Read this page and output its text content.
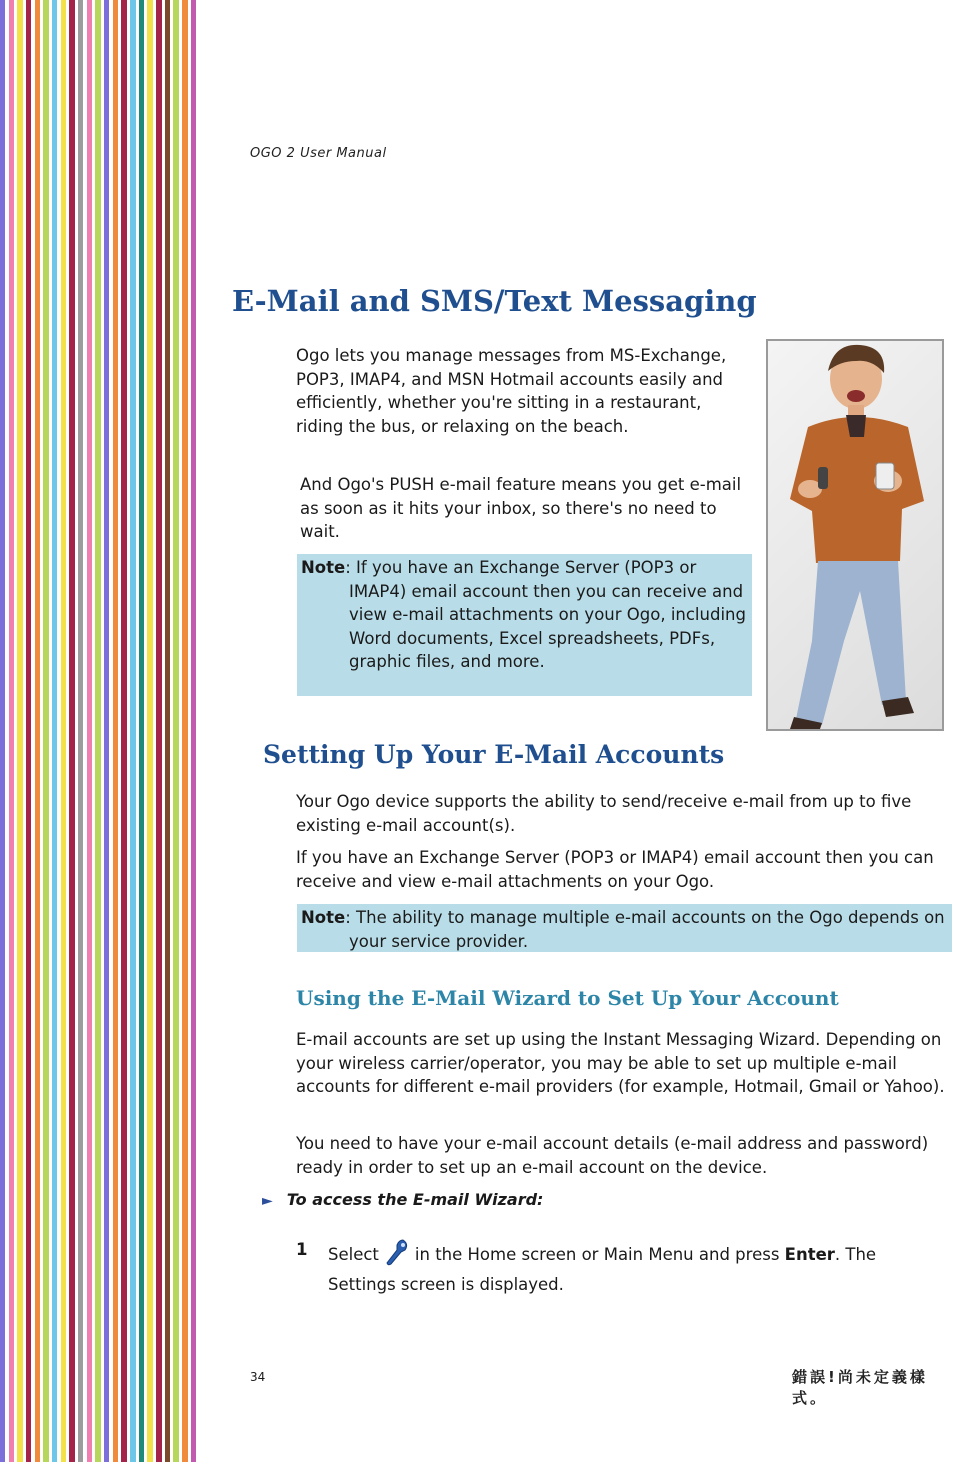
OGO 2 User Manual
E-Mail and SMS/Text Messaging

Ogo lets you manage messages from MS-Exchange, POP3, IMAP4, and MSN Hotmail accounts easily and efficiently, whether you're sitting in a restaurant, riding the bus, or relaxing on the beach.

And Ogo's PUSH e-mail feature means you get e-mail as soon as it hits your inbox, so there's no need to wait.

Note: If you have an Exchange Server (POP3 or IMAP4) email account then you can receive and view e-mail attachments on your Ogo, including Word documents, Excel spreadsheets, PDFs, graphic files, and more.
Setting Up Your E-Mail Accounts

Your Ogo device supports the ability to send/receive e-mail from up to five existing e-mail account(s).

If you have an Exchange Server (POP3 or IMAP4) email account then you can receive and view e-mail attachments on your Ogo.

Note: The ability to manage multiple e-mail accounts on the Ogo depends on your service provider.
Using the E-Mail Wizard to Set Up Your Account

E-mail accounts are set up using the Instant Messaging Wizard. Depending on your wireless carrier/operator, you may be able to set up multiple e-mail accounts for different e-mail providers (for example, Hotmail, Gmail or Yahoo).

You need to have your e-mail account details (e-mail address and password) ready in order to set up an e-mail account on the device.

► To access the E-mail Wizard:
1 Select in the Home screen or Main Menu and press Enter. The Settings screen is displayed.
34	錯誤!尚未定義樣式。
